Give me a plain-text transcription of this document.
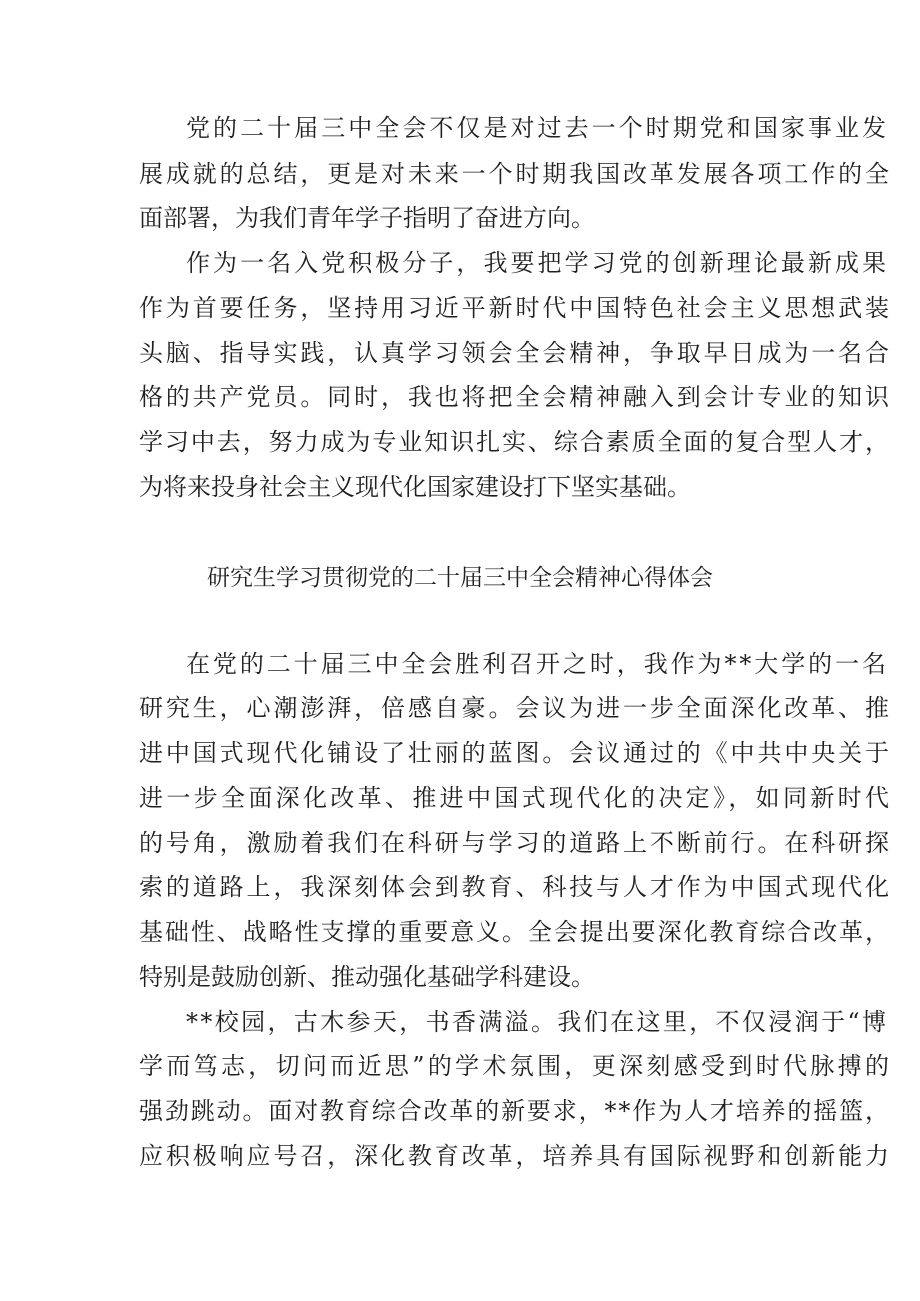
党的二十届三中全会不仅是对过去一个时期党和国家事业发
展成就的总结，更是对未来一个时期我国改革发展各项工作的全
面部署，为我们青年学子指明了奋进方向。
作为一名入党积极分子，我要把学习党的创新理论最新成果
作为首要任务，坚持用习近平新时代中国特色社会主义思想武装
头脑、指导实践，认真学习领会全会精神，争取早日成为一名合
格的共产党员。同时，我也将把全会精神融入到会计专业的知识
学习中去，努力成为专业知识扎实、综合素质全面的复合型人才，
为将来投身社会主义现代化国家建设打下坚实基础。
研究生学习贯彻党的二十届三中全会精神心得体会
在党的二十届三中全会胜利召开之时，我作为**大学的一名
研究生，心潮澎湃，倍感自豪。会议为进一步全面深化改革、推
进中国式现代化铺设了壮丽的蓝图。会议通过的《中共中央关于
进一步全面深化改革、推进中国式现代化的决定》，如同新时代
的号角，激励着我们在科研与学习的道路上不断前行。在科研探
索的道路上，我深刻体会到教育、科技与人才作为中国式现代化
基础性、战略性支撑的重要意义。全会提出要深化教育综合改革，
特别是鼓励创新、推动强化基础学科建设。
**校园，古木参天，书香满溢。我们在这里，不仅浸润于“博
学而笃志，切问而近思”的学术氛围，更深刻感受到时代脉搏的
强劲跳动。面对教育综合改革的新要求，**作为人才培养的摇篮，
应积极响应号召，深化教育改革，培养具有国际视野和创新能力
